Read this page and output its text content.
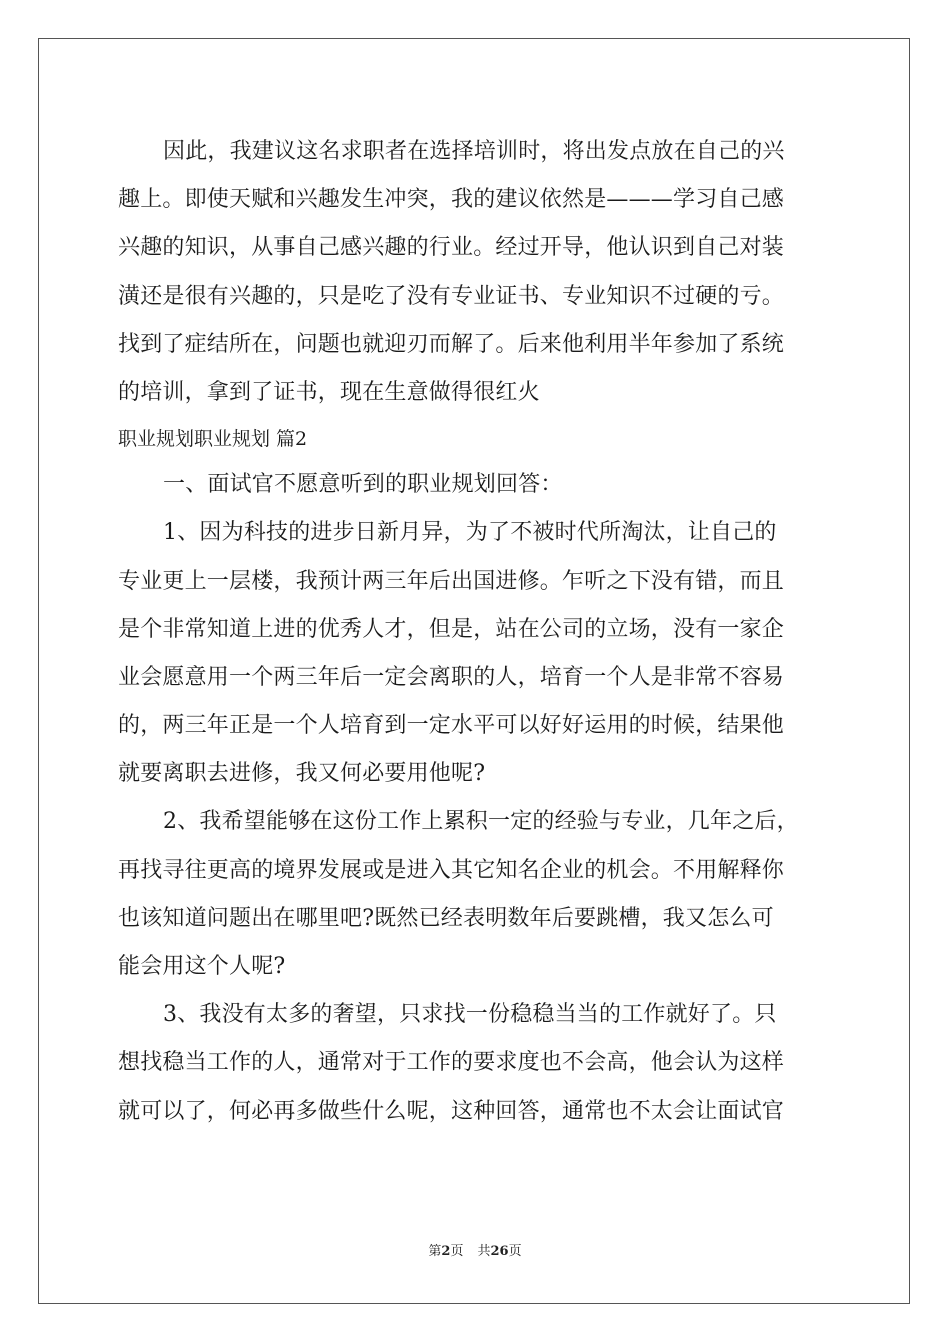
因此，我建议这名求职者在选择培训时，将出发点放在自己的兴
趣上。即使天赋和兴趣发生冲突，我的建议依然是———学习自己感
兴趣的知识，从事自己感兴趣的行业。经过开导，他认识到自己对装
潢还是很有兴趣的，只是吃了没有专业证书、专业知识不过硬的亏。
找到了症结所在，问题也就迎刃而解了。后来他利用半年参加了系统
的培训，拿到了证书，现在生意做得很红火
职业规划职业规划 篇2
一、面试官不愿意听到的职业规划回答：
1、因为科技的进步日新月异，为了不被时代所淘汰，让自己的
专业更上一层楼，我预计两三年后出国进修。乍听之下没有错，而且
是个非常知道上进的优秀人才，但是，站在公司的立场，没有一家企
业会愿意用一个两三年后一定会离职的人，培育一个人是非常不容易
的，两三年正是一个人培育到一定水平可以好好运用的时候，结果他
就要离职去进修，我又何必要用他呢?
2、我希望能够在这份工作上累积一定的经验与专业，几年之后，
再找寻往更高的境界发展或是进入其它知名企业的机会。不用解释你
也该知道问题出在哪里吧?既然已经表明数年后要跳槽，我又怎么可
能会用这个人呢?
3、我没有太多的奢望，只求找一份稳稳当当的工作就好了。只
想找稳当工作的人，通常对于工作的要求度也不会高，他会认为这样
就可以了，何必再多做些什么呢，这种回答，通常也不太会让面试官
第2页 共26页
